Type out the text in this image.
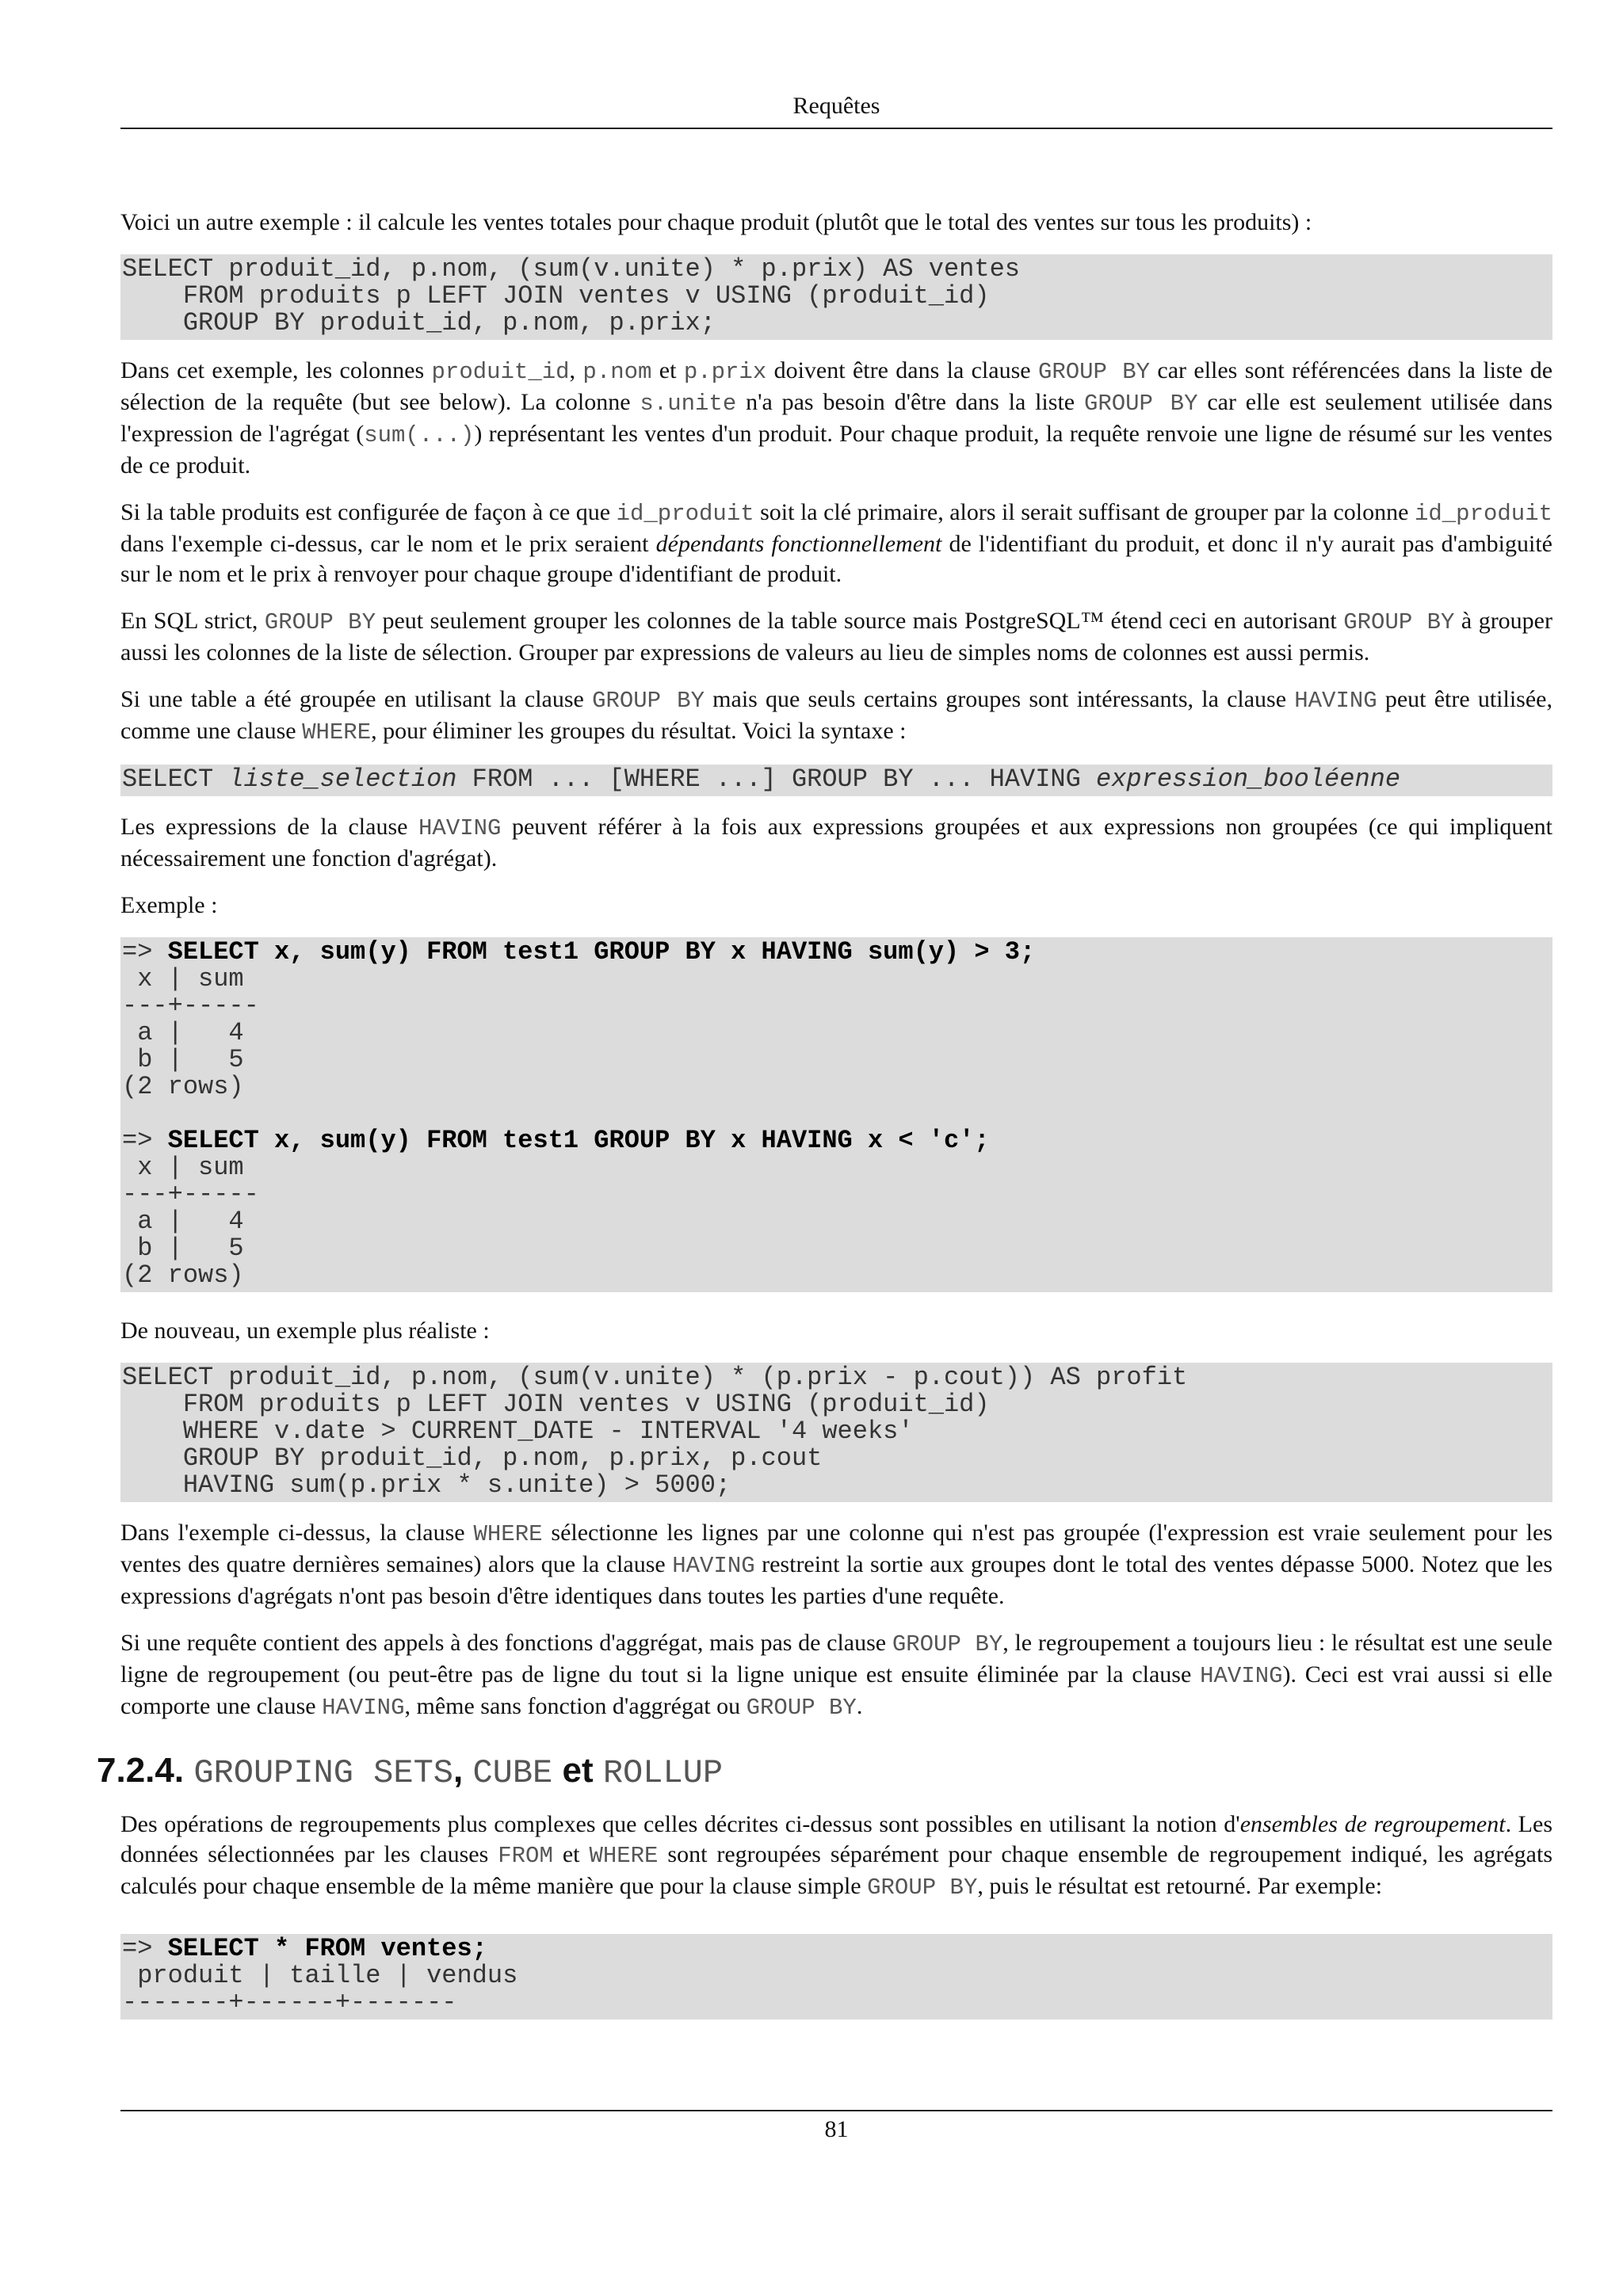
Requêtes

Voici un autre exemple : il calcule les ventes totales pour chaque produit (plutôt que le total des ventes sur tous les produits) :

SELECT produit_id, p.nom, (sum(v.unite) * p.prix) AS ventes
FROM produits p LEFT JOIN ventes v USING (produit_id)
GROUP BY produit_id, p.nom, p.prix;

Dans cet exemple, les colonnes produit_id, p.nom et p.prix doivent être dans la clause GROUP BY car elles sont référencées dans la liste de sélection de la requête (but see below). La colonne s.unite n'a pas besoin d'être dans la liste GROUP BY car elle est seulement utilisée dans l'expression de l'agrégat (sum(...)) représentant les ventes d'un produit. Pour chaque produit, la requête renvoie une ligne de résumé sur les ventes de ce produit.

Si la table produits est configurée de façon à ce que id_produit soit la clé primaire, alors il serait suffisant de grouper par la colonne id_produit dans l'exemple ci-dessus, car le nom et le prix seraient dépendants fonctionnellement de l'identifiant du produit, et donc il n'y aurait pas d'ambiguité sur le nom et le prix à renvoyer pour chaque groupe d'identifiant de produit.

En SQL strict, GROUP BY peut seulement grouper les colonnes de la table source mais PostgreSQL™ étend ceci en autorisant GROUP BY à grouper aussi les colonnes de la liste de sélection. Grouper par expressions de valeurs au lieu de simples noms de colonnes est aussi permis.

Si une table a été groupée en utilisant la clause GROUP BY mais que seuls certains groupes sont intéressants, la clause HAVING peut être utilisée, comme une clause WHERE, pour éliminer les groupes du résultat. Voici la syntaxe :

SELECT liste_selection FROM ... [WHERE ...] GROUP BY ... HAVING expression_booléenne

Les expressions de la clause HAVING peuvent référer à la fois aux expressions groupées et aux expressions non groupées (ce qui impliquent nécessairement une fonction d'agrégat).

Exemple :

=> SELECT x, sum(y) FROM test1 GROUP BY x HAVING sum(y) > 3;
x | sum
---+-----
a |   4
b |   5
(2 rows)

=> SELECT x, sum(y) FROM test1 GROUP BY x HAVING x < 'c';
x | sum
---+-----
a |   4
b |   5
(2 rows)

De nouveau, un exemple plus réaliste :

SELECT produit_id, p.nom, (sum(v.unite) * (p.prix - p.cout)) AS profit
FROM produits p LEFT JOIN ventes v USING (produit_id)
WHERE v.date > CURRENT_DATE - INTERVAL '4 weeks'
GROUP BY produit_id, p.nom, p.prix, p.cout
HAVING sum(p.prix * s.unite) > 5000;

Dans l'exemple ci-dessus, la clause WHERE sélectionne les lignes par une colonne qui n'est pas groupée (l'expression est vraie seulement pour les ventes des quatre dernières semaines) alors que la clause HAVING restreint la sortie aux groupes dont le total des ventes dépasse 5000. Notez que les expressions d'agrégats n'ont pas besoin d'être identiques dans toutes les parties d'une requête.

Si une requête contient des appels à des fonctions d'aggrégat, mais pas de clause GROUP BY, le regroupement a toujours lieu : le résultat est une seule ligne de regroupement (ou peut-être pas de ligne du tout si la ligne unique est ensuite éliminée par la clause HAVING). Ceci est vrai aussi si elle comporte une clause HAVING, même sans fonction d'aggrégat ou GROUP BY.

7.2.4. GROUPING SETS, CUBE et ROLLUP

Des opérations de regroupements plus complexes que celles décrites ci-dessus sont possibles en utilisant la notion d'ensembles de regroupement. Les données sélectionnées par les clauses FROM et WHERE sont regroupées séparément pour chaque ensemble de regroupement indiqué, les agrégats calculés pour chaque ensemble de la même manière que pour la clause simple GROUP BY, puis le résultat est retourné. Par exemple:

=> SELECT * FROM ventes;
produit | taille | vendus
-------+------+-------
81
